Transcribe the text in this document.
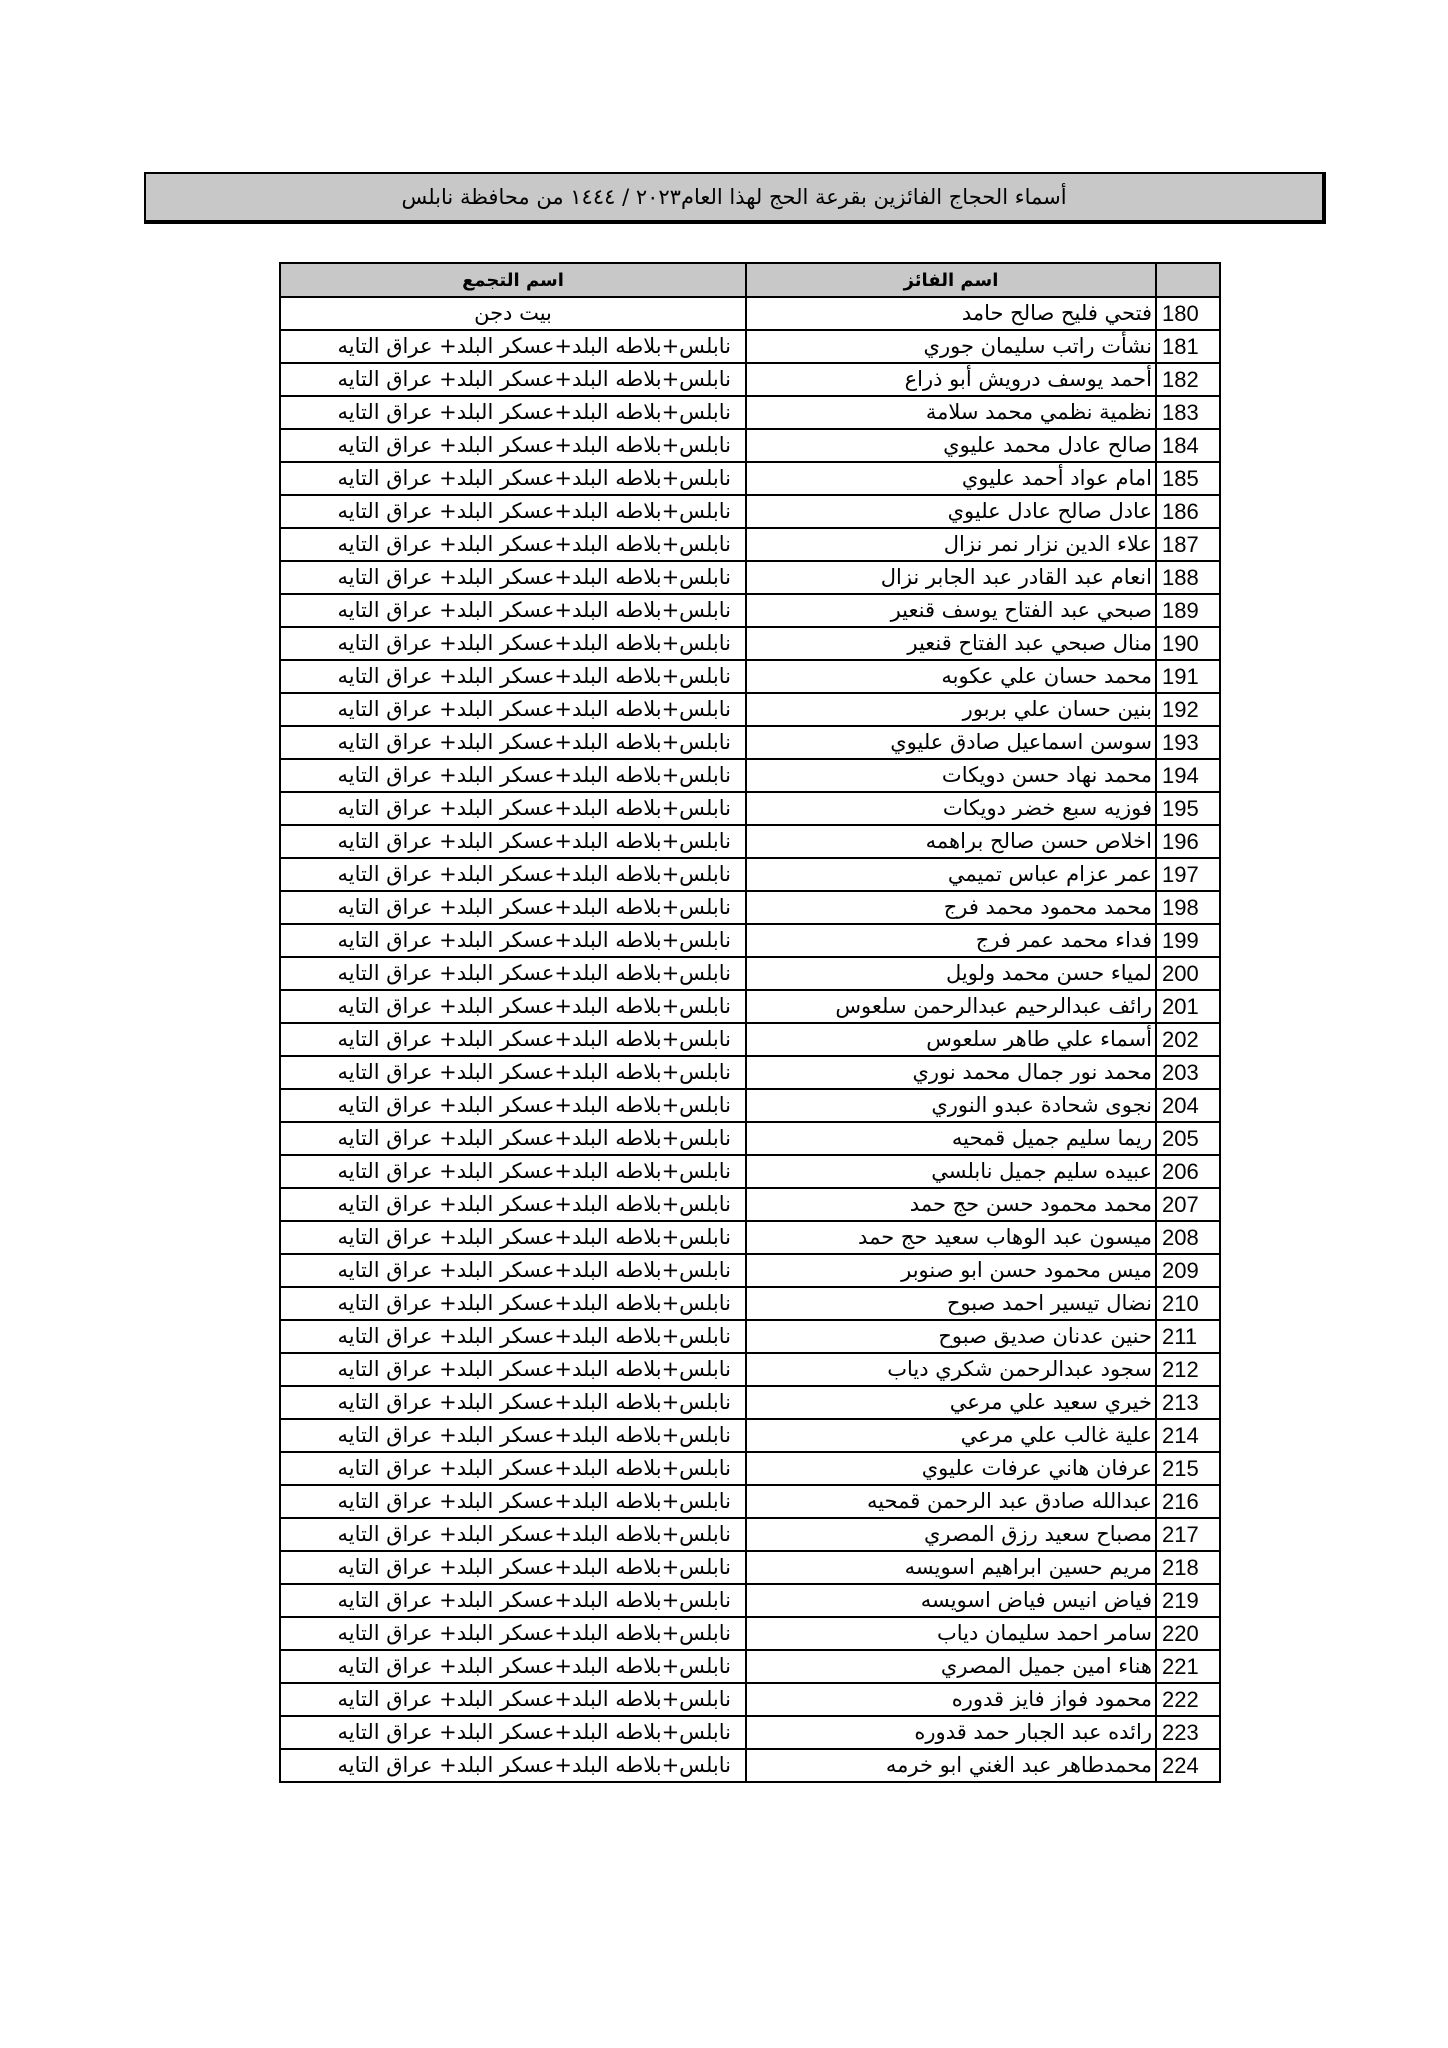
أسماء الحجاج الفائزين بقرعة الحج لهذا العام٢٠٢٣ / ١٤٤٤ من محافظة نابلس
	اسم الفائز	اسم التجمع
180	فتحي فليح صالح حامد	بيت دجن
181	نشأت راتب سليمان جوري	نابلس+بلاطه البلد+عسكر البلد+ عراق التايه
182	أحمد يوسف درويش أبو ذراع	نابلس+بلاطه البلد+عسكر البلد+ عراق التايه
183	نظمية نظمي محمد سلامة	نابلس+بلاطه البلد+عسكر البلد+ عراق التايه
184	صالح عادل محمد عليوي	نابلس+بلاطه البلد+عسكر البلد+ عراق التايه
185	امام عواد أحمد عليوي	نابلس+بلاطه البلد+عسكر البلد+ عراق التايه
186	عادل صالح عادل عليوي	نابلس+بلاطه البلد+عسكر البلد+ عراق التايه
187	علاء الدين نزار نمر نزال	نابلس+بلاطه البلد+عسكر البلد+ عراق التايه
188	انعام عبد القادر عبد الجابر نزال	نابلس+بلاطه البلد+عسكر البلد+ عراق التايه
189	صبحي عبد الفتاح يوسف قنعير	نابلس+بلاطه البلد+عسكر البلد+ عراق التايه
190	منال صبحي عبد الفتاح قنعير	نابلس+بلاطه البلد+عسكر البلد+ عراق التايه
191	محمد حسان علي عكوبه	نابلس+بلاطه البلد+عسكر البلد+ عراق التايه
192	بنين حسان علي بربور	نابلس+بلاطه البلد+عسكر البلد+ عراق التايه
193	سوسن اسماعيل صادق عليوي	نابلس+بلاطه البلد+عسكر البلد+ عراق التايه
194	محمد نهاد حسن دويكات	نابلس+بلاطه البلد+عسكر البلد+ عراق التايه
195	فوزيه سبع خضر دويكات	نابلس+بلاطه البلد+عسكر البلد+ عراق التايه
196	اخلاص حسن صالح براهمه	نابلس+بلاطه البلد+عسكر البلد+ عراق التايه
197	عمر عزام عباس تميمي	نابلس+بلاطه البلد+عسكر البلد+ عراق التايه
198	محمد محمود محمد فرج	نابلس+بلاطه البلد+عسكر البلد+ عراق التايه
199	فداء محمد عمر فرج	نابلس+بلاطه البلد+عسكر البلد+ عراق التايه
200	لمياء حسن محمد ولويل	نابلس+بلاطه البلد+عسكر البلد+ عراق التايه
201	رائف عبدالرحيم عبدالرحمن سلعوس	نابلس+بلاطه البلد+عسكر البلد+ عراق التايه
202	أسماء علي طاهر سلعوس	نابلس+بلاطه البلد+عسكر البلد+ عراق التايه
203	محمد نور جمال محمد نوري	نابلس+بلاطه البلد+عسكر البلد+ عراق التايه
204	نجوى شحادة عبدو النوري	نابلس+بلاطه البلد+عسكر البلد+ عراق التايه
205	ريما سليم جميل قمحيه	نابلس+بلاطه البلد+عسكر البلد+ عراق التايه
206	عبيده سليم جميل نابلسي	نابلس+بلاطه البلد+عسكر البلد+ عراق التايه
207	محمد محمود حسن حج حمد	نابلس+بلاطه البلد+عسكر البلد+ عراق التايه
208	ميسون عبد الوهاب سعيد حج حمد	نابلس+بلاطه البلد+عسكر البلد+ عراق التايه
209	ميس محمود حسن ابو صنوبر	نابلس+بلاطه البلد+عسكر البلد+ عراق التايه
210	نضال تيسير احمد صبوح	نابلس+بلاطه البلد+عسكر البلد+ عراق التايه
211	حنين عدنان صديق صبوح	نابلس+بلاطه البلد+عسكر البلد+ عراق التايه
212	سجود عبدالرحمن شكري دياب	نابلس+بلاطه البلد+عسكر البلد+ عراق التايه
213	خيري سعيد علي مرعي	نابلس+بلاطه البلد+عسكر البلد+ عراق التايه
214	علية غالب علي مرعي	نابلس+بلاطه البلد+عسكر البلد+ عراق التايه
215	عرفان هاني عرفات عليوي	نابلس+بلاطه البلد+عسكر البلد+ عراق التايه
216	عبدالله صادق عبد الرحمن قمحيه	نابلس+بلاطه البلد+عسكر البلد+ عراق التايه
217	مصباح سعيد رزق المصري	نابلس+بلاطه البلد+عسكر البلد+ عراق التايه
218	مريم حسين ابراهيم اسويسه	نابلس+بلاطه البلد+عسكر البلد+ عراق التايه
219	فياض انيس فياض اسويسه	نابلس+بلاطه البلد+عسكر البلد+ عراق التايه
220	سامر احمد سليمان دياب	نابلس+بلاطه البلد+عسكر البلد+ عراق التايه
221	هناء امين جميل المصري	نابلس+بلاطه البلد+عسكر البلد+ عراق التايه
222	محمود فواز فايز قدوره	نابلس+بلاطه البلد+عسكر البلد+ عراق التايه
223	رائده عبد الجبار حمد قدوره	نابلس+بلاطه البلد+عسكر البلد+ عراق التايه
224	محمدطاهر عبد الغني ابو خرمه	نابلس+بلاطه البلد+عسكر البلد+ عراق التايه
